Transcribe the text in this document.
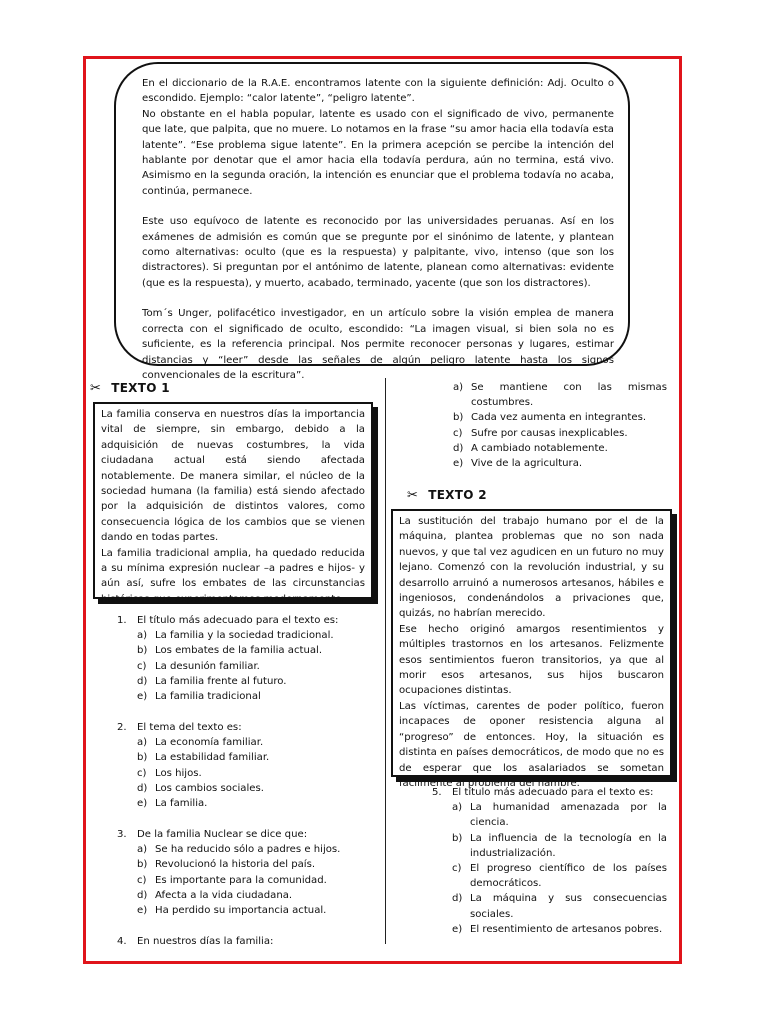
En el diccionario de la R.A.E. encontramos latente con la siguiente definición: Adj. Oculto o escondido. Ejemplo: “calor latente”, “peligro latente”.

No obstante en el habla popular, latente es usado con el significado de vivo, permanente que late, que palpita, que no muere. Lo notamos en la frase “su amor hacia ella todavía esta latente”. “Ese problema sigue latente”. En la primera acepción se percibe la intención del hablante por denotar que el amor hacia ella todavía perdura, aún no termina, está vivo. Asimismo en la segunda oración, la intención es enunciar que el problema todavía no acaba, continúa, permanece.

Este uso equívoco de latente es reconocido por las universidades peruanas. Así en los exámenes de admisión es común que se pregunte por el sinónimo de latente, y plantean como alternativas: oculto (que es la respuesta) y palpitante, vivo, intenso (que son los distractores). Si preguntan por el antónimo de latente, planean como alternativas: evidente (que es la respuesta), y muerto, acabado, terminado, yacente (que son los distractores).

Tom´s Unger, polifacético investigador, en un artículo sobre la visión emplea de manera correcta con el significado de oculto, escondido: “La imagen visual, si bien sola no es suficiente, es la referencia principal. Nos permite reconocer personas y lugares, estimar distancias y “leer” desde las señales de algún peligro latente hasta los signos convencionales de la escritura”.

✂ TEXTO 1

La familia conserva en nuestros días la importancia vital de siempre, sin embargo, debido a la adquisición de nuevas costumbres, la vida ciudadana actual está siendo afectada notablemente. De manera similar, el núcleo de la sociedad humana (la familia) está siendo afectado por la adquisición de distintos valores, como consecuencia lógica de los cambios que se vienen dando en todas partes.

La familia tradicional amplia, ha quedado reducida a su mínima expresión nuclear –a padres e hijos- y aún así, sufre los embates de las circunstancias históricas que experimentamos modernamente.

1.	El título más adecuado para el texto es:
a) La familia y la sociedad tradicional.
b) Los embates de la familia actual.
c) La desunión familiar.
d) La familia frente al futuro.
e) La familia tradicional
2.	El tema del texto es:
a) La economía familiar.
b) La estabilidad familiar.
c) Los hijos.
d) Los cambios sociales.
e) La familia.
3.	De la familia Nuclear se dice que:
a) Se ha reducido sólo a padres e hijos.
b) Revolucionó la historia del país.
c) Es importante para la comunidad.
d) Afecta a la vida ciudadana.
e) Ha perdido su importancia actual.
4.	En nuestros días la familia:
a) Se mantiene con las mismas costumbres.
b) Cada vez aumenta en integrantes.
c) Sufre por causas inexplicables.
d) A cambiado notablemente.
e) Vive de la agricultura.
✂ TEXTO 2

La sustitución del trabajo humano por el de la máquina, plantea problemas que no son nada nuevos, y que tal vez agudicen en un futuro no muy lejano. Comenzó con la revolución industrial, y su desarrollo arruinó a numerosos artesanos, hábiles e ingeniosos, condenándolos a privaciones que, quizás, no habrían merecido.

Ese hecho originó amargos resentimientos y múltiples trastornos en los artesanos. Felizmente esos sentimientos fueron transitorios, ya que al morir esos artesanos, sus hijos buscaron ocupaciones distintas.

Las víctimas, carentes de poder político, fueron incapaces de oponer resistencia alguna al “progreso” de entonces. Hoy, la situación es distinta en países democráticos, de modo que no es de esperar que los asalariados se sometan fácilmente al problema del hambre.

5.	El título más adecuado para el texto es:
a) La humanidad amenazada por la ciencia.
b) La influencia de la tecnología en la industrialización.
c) El progreso científico de los países democráticos.
d) La máquina y sus consecuencias sociales.
e) El resentimiento de artesanos pobres.
